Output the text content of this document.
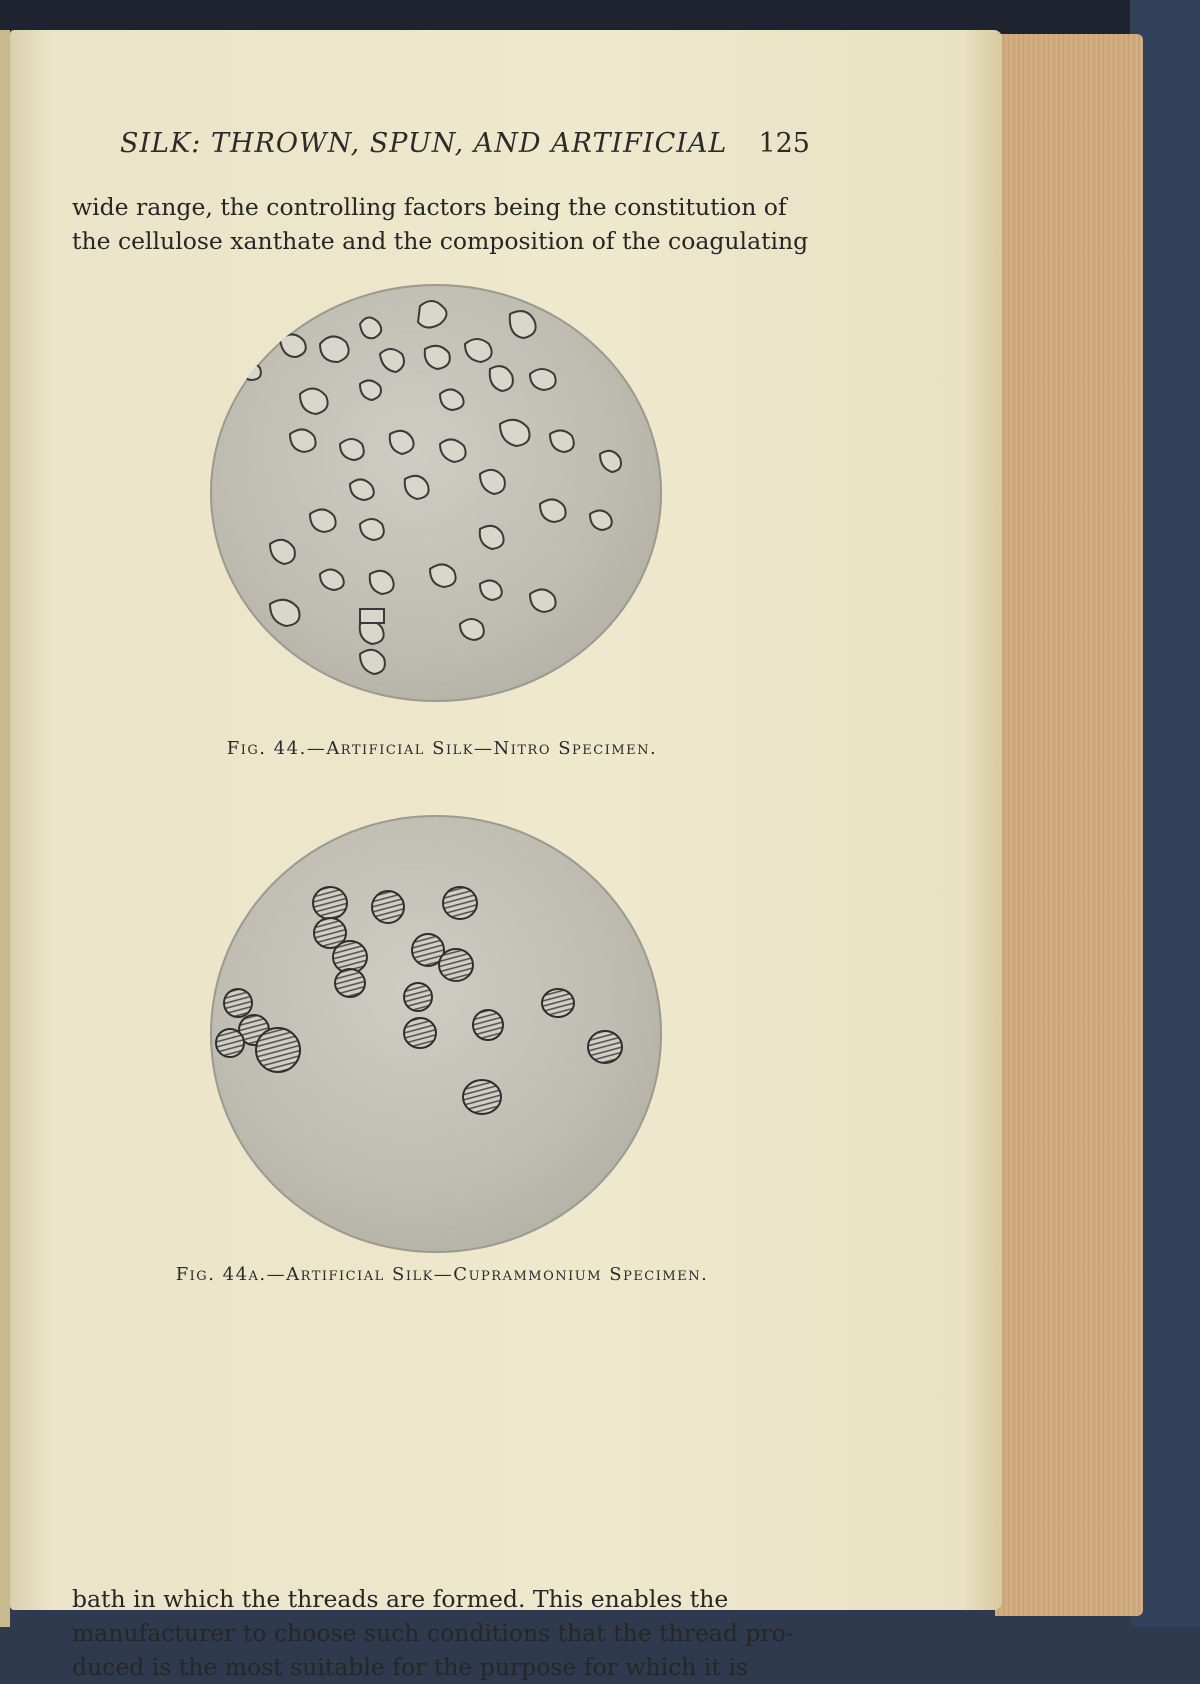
SILK: THROWN, SPUN, AND ARTIFICIAL 125
wide range, the controlling factors being the constitution of
the cellulose xanthate and the composition of the coagulating
Fig. 44.—Artificial Silk—Nitro Specimen.
Fig. 44a.—Artificial Silk—Cuprammonium Specimen.
bath in which the threads are formed. This enables the
manufacturer to choose such conditions that the thread pro-
duced is the most suitable for the purpose for which it is
